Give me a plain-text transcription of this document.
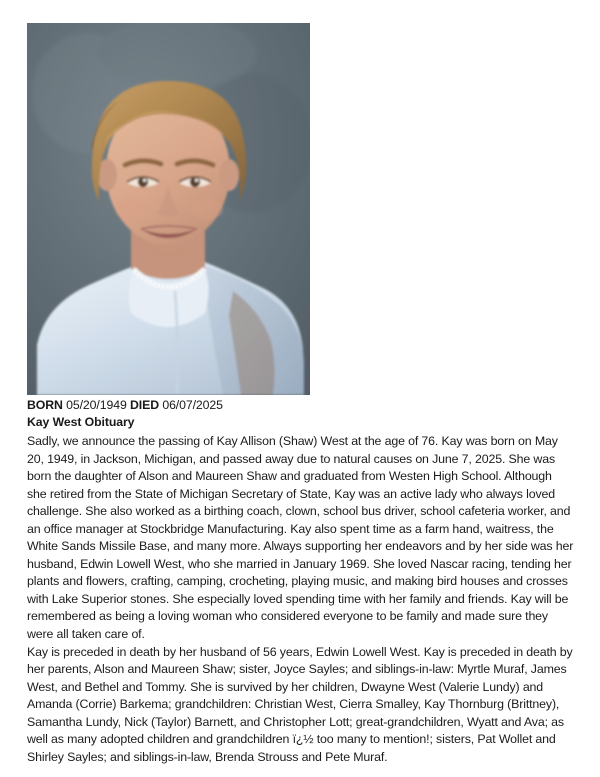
BORN 05/20/1949 DIED 06/07/2025
Kay West Obituary

Sadly, we announce the passing of Kay Allison (Shaw) West at the age of 76. Kay was born on May 20, 1949, in Jackson, Michigan, and passed away due to natural causes on June 7, 2025. She was born the daughter of Alson and Maureen Shaw and graduated from Westen High School. Although she retired from the State of Michigan Secretary of State, Kay was an active lady who always loved challenge. She also worked as a birthing coach, clown, school bus driver, school cafeteria worker, and an office manager at Stockbridge Manufacturing. Kay also spent time as a farm hand, waitress, the White Sands Missile Base, and many more. Always supporting her endeavors and by her side was her husband, Edwin Lowell West, who she married in January 1969. She loved Nascar racing, tending her plants and flowers, crafting, camping, crocheting, playing music, and making bird houses and crosses with Lake Superior stones. She especially loved spending time with her family and friends. Kay will be remembered as being a loving woman who considered everyone to be family and made sure they were all taken care of.

Kay is preceded in death by her husband of 56 years, Edwin Lowell West. Kay is preceded in death by her parents, Alson and Maureen Shaw; sister, Joyce Sayles; and siblings-in-law: Myrtle Muraf, James West, and Bethel and Tommy. She is survived by her children, Dwayne West (Valerie Lundy) and Amanda (Corrie) Barkema; grandchildren: Christian West, Cierra Smalley, Kay Thornburg (Brittney), Samantha Lundy, Nick (Taylor) Barnett, and Christopher Lott; great-grandchildren, Wyatt and Ava; as well as many adopted children and grandchildren ï¿½ too many to mention!; sisters, Pat Wollet and Shirley Sayles; and siblings-in-law, Brenda Strouss and Pete Muraf.
